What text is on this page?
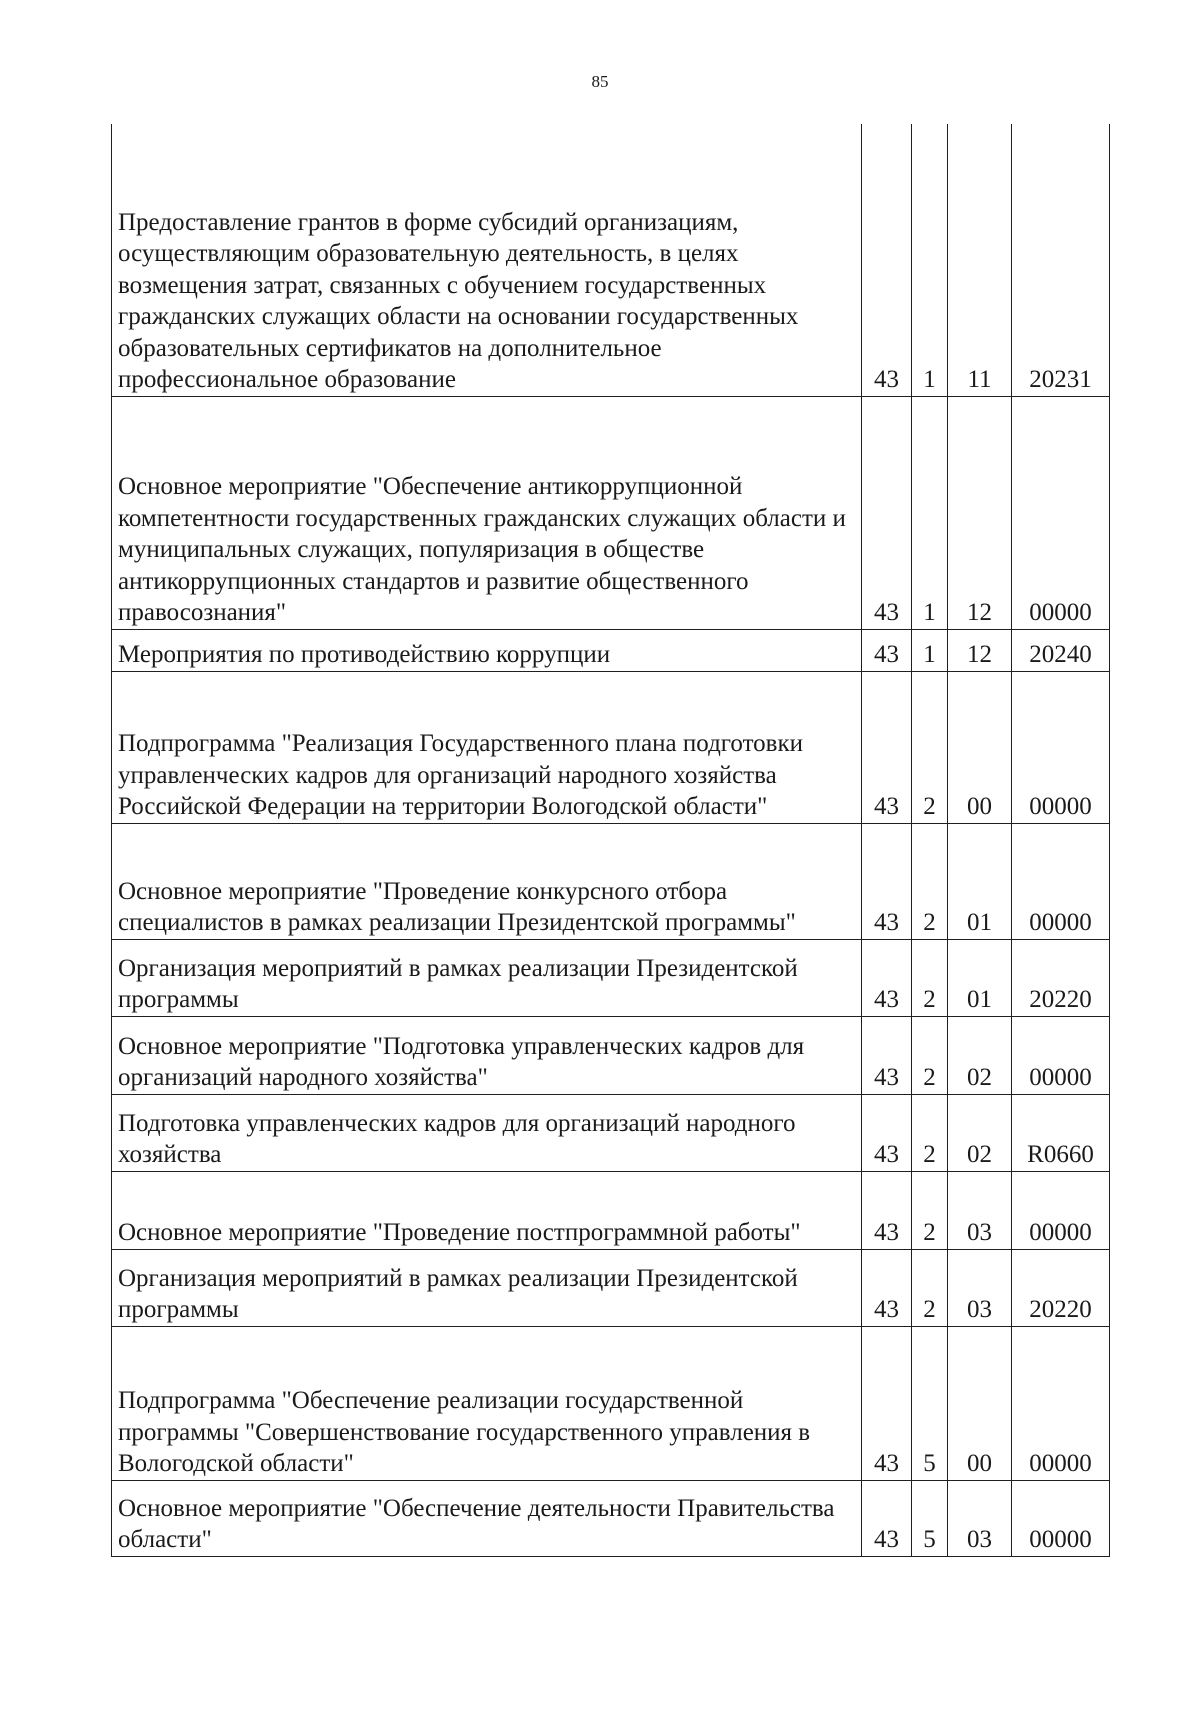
85
Предоставление грантов в форме субсидий организациям, осуществляющим образовательную деятельность, в целях возмещения затрат, связанных с обучением государственных гражданских служащих области на основании государственных образовательных сертификатов на дополнительное профессиональное образование	43	1	11	20231

Основное мероприятие "Обеспечение антикоррупционной компетентности государственных гражданских служащих области и муниципальных служащих, популяризация в обществе антикоррупционных стандартов и развитие общественного правосознания"	43	1	12	00000

Мероприятия по противодействию коррупции	43	1	12	20240

Подпрограмма "Реализация Государственного плана подготовки управленческих кадров для организаций народного хозяйства Российской Федерации на территории Вологодской области"	43	2	00	00000

Основное мероприятие "Проведение конкурсного отбора специалистов в рамках реализации Президентской программы"	43	2	01	00000

Организация мероприятий в рамках реализации Президентской программы	43	2	01	20220

Основное мероприятие "Подготовка управленческих кадров для организаций народного хозяйства"	43	2	02	00000

Подготовка управленческих кадров для организаций народного хозяйства	43	2	02	R0660

Основное мероприятие "Проведение постпрограммной работы"	43	2	03	00000

Организация мероприятий в рамках реализации Президентской программы	43	2	03	20220

Подпрограмма "Обеспечение реализации государственной программы "Совершенствование государственного управления в Вологодской области"	43	5	00	00000

Основное мероприятие "Обеспечение деятельности Правительства области"	43	5	03	00000
